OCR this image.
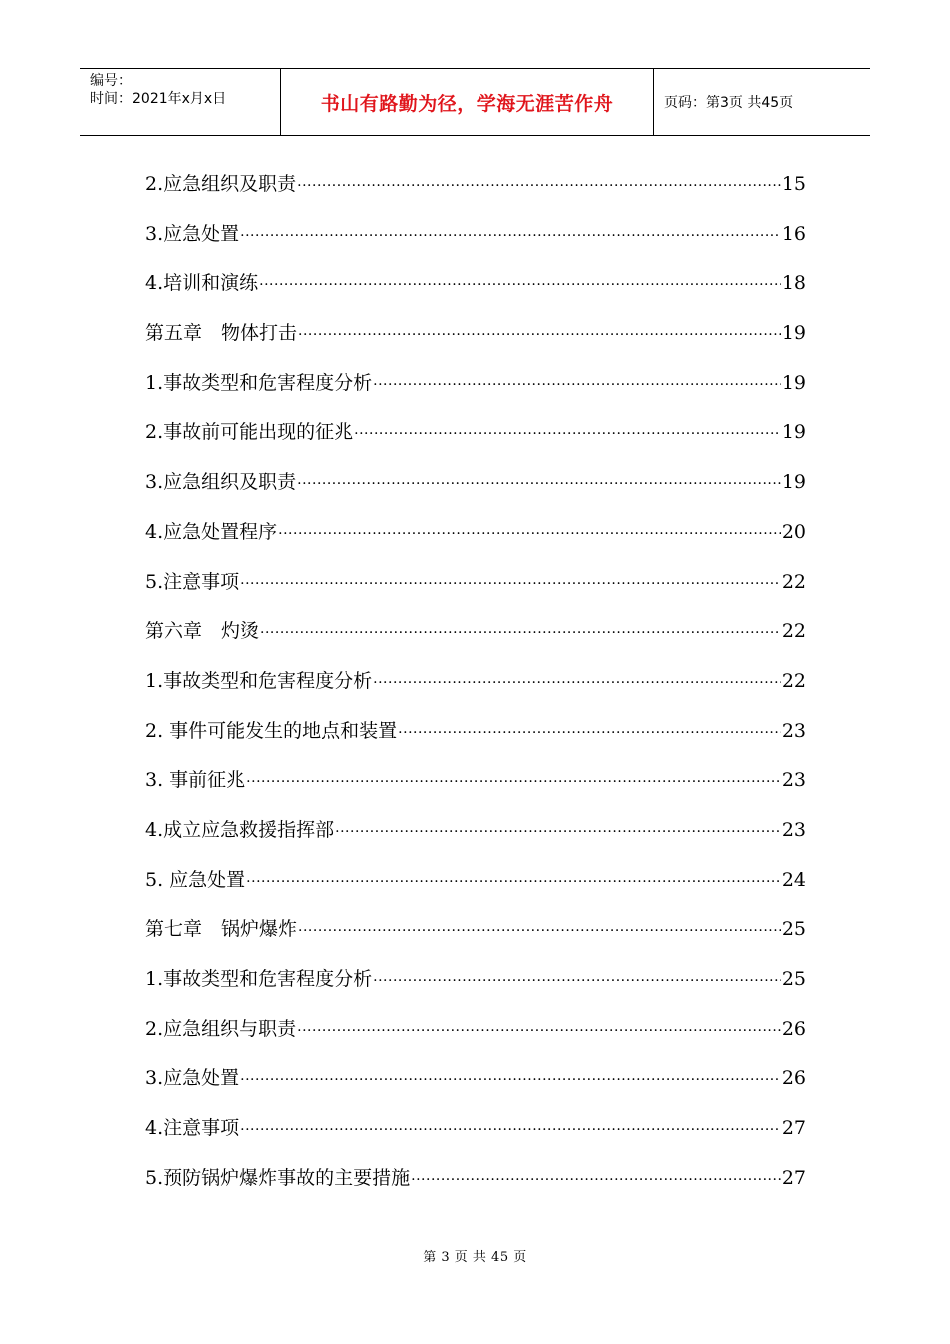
编号：
时间：2021年x月x日	书山有路勤为径，学海无涯苦作舟	页码：第3页 共45页
2.应急组织及职责 ·····	15
3.应急处置 ·····	16
4.培训和演练 ·····	18
第五章　物体打击 ·····	19
1.事故类型和危害程度分析 ·····	19
2.事故前可能出现的征兆 ·····	19
3.应急组织及职责 ·····	19
4.应急处置程序 ·····	20
5.注意事项 ·····	22
第六章　灼烫 ·····	22
1.事故类型和危害程度分析 ·····	22
2. 事件可能发生的地点和装置 ·····	23
3. 事前征兆 ·····	23
4.成立应急救援指挥部 ·····	23
5. 应急处置 ·····	24
第七章　锅炉爆炸 ·····	25
1.事故类型和危害程度分析 ·····	25
2.应急组织与职责 ·····	26
3.应急处置 ·····	26
4.注意事项 ·····	27
5.预防锅炉爆炸事故的主要措施 ·····	27
第 3 页 共 45 页
